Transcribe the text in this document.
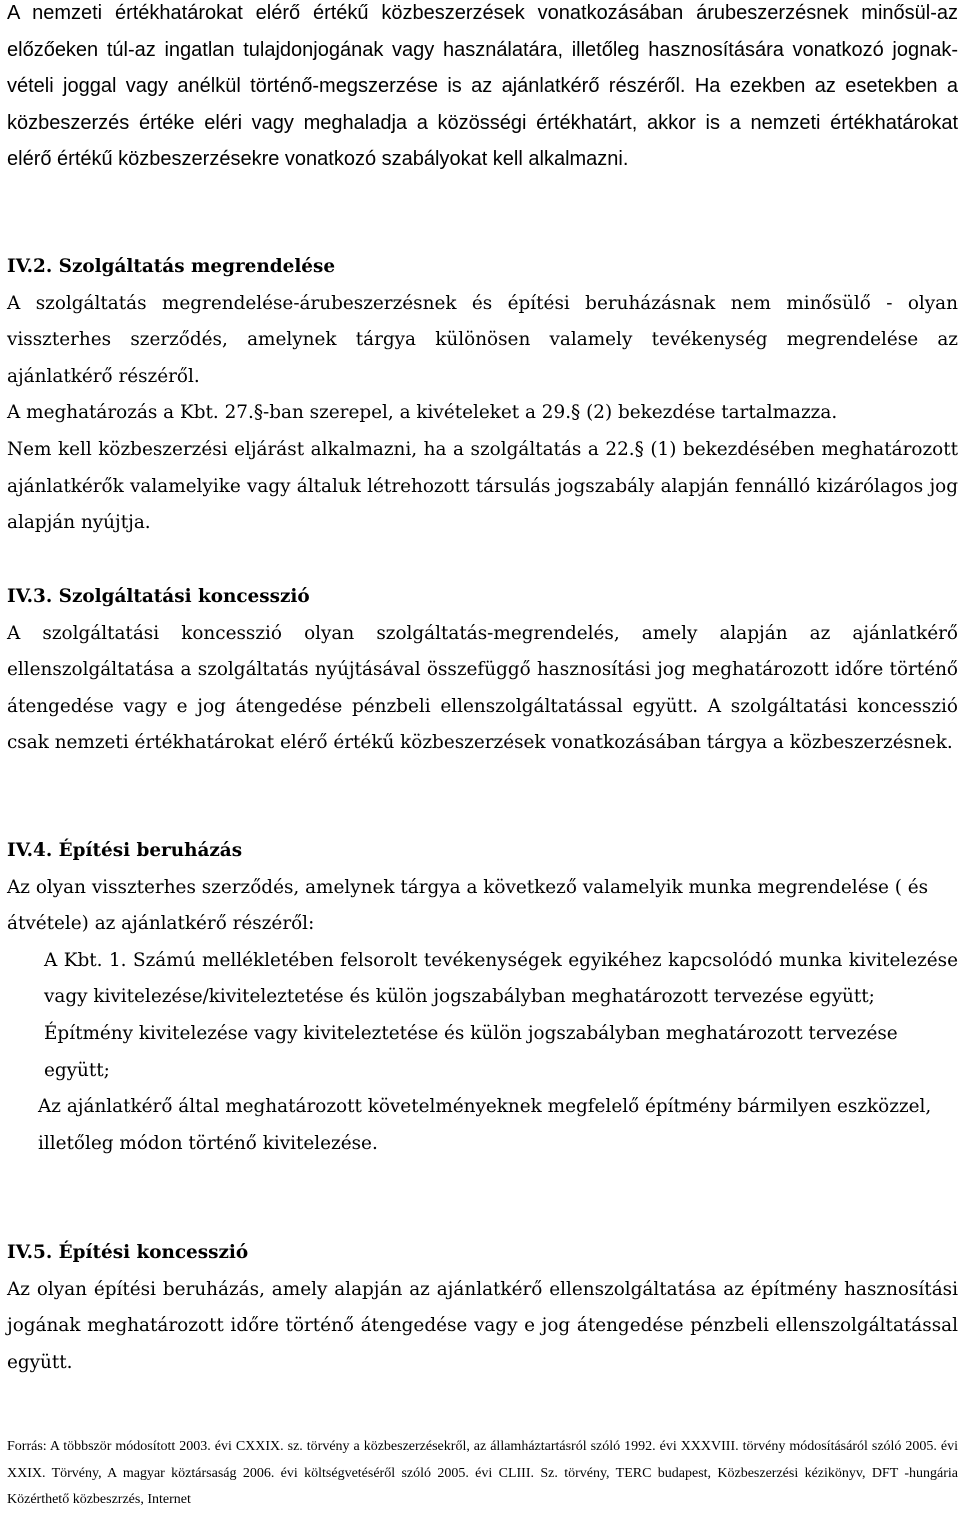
A nemzeti értékhatárokat elérő értékű közbeszerzések vonatkozásában árubeszerzésnek minősül-az előzőeken túl-az ingatlan tulajdonjogának vagy használatára, illetőleg hasznosítására vonatkozó jognak-vételi joggal vagy anélkül történő-megszerzése is az ajánlatkérő részéről. Ha ezekben az esetekben a közbeszerzés értéke eléri vagy meghaladja a közösségi értékhatárt, akkor is a nemzeti értékhatárokat elérő értékű közbeszerzésekre vonatkozó szabályokat kell alkalmazni.

IV.2. Szolgáltatás megrendelése

A szolgáltatás megrendelése-árubeszerzésnek és építési beruházásnak nem minősülő - olyan visszterhes szerződés, amelynek tárgya különösen valamely tevékenység megrendelése az ajánlatkérő részéről.

A meghatározás a Kbt. 27.§-ban szerepel, a kivételeket a 29.§ (2) bekezdése tartalmazza.

Nem kell közbeszerzési eljárást alkalmazni, ha a szolgáltatás a 22.§ (1) bekezdésében meghatározott ajánlatkérők valamelyike vagy általuk létrehozott társulás jogszabály alapján fennálló kizárólagos jog alapján nyújtja.

IV.3. Szolgáltatási koncesszió

A szolgáltatási koncesszió olyan szolgáltatás-megrendelés, amely alapján az ajánlatkérő ellenszolgáltatása a szolgáltatás nyújtásával összefüggő hasznosítási jog meghatározott időre történő átengedése vagy e jog átengedése pénzbeli ellenszolgáltatással együtt. A szolgáltatási koncesszió csak nemzeti értékhatárokat elérő értékű közbeszerzések vonatkozásában tárgya a közbeszerzésnek.

IV.4. Építési beruházás

Az olyan visszterhes szerződés, amelynek tárgya a következő valamelyik munka megrendelése ( és átvétele) az ajánlatkérő részéről:

A Kbt. 1. Számú mellékletében felsorolt tevékenységek egyikéhez kapcsolódó munka kivitelezése vagy kivitelezése/kiviteleztetése és külön jogszabályban meghatározott tervezése együtt;

Építmény kivitelezése vagy kiviteleztetése és külön jogszabályban meghatározott tervezése együtt;

Az ajánlatkérő által meghatározott követelményeknek megfelelő építmény bármilyen eszközzel, illetőleg módon történő kivitelezése.

IV.5. Építési koncesszió

Az olyan építési beruházás, amely alapján az ajánlatkérő ellenszolgáltatása az építmény hasznosítási jogának meghatározott időre történő átengedése vagy e jog átengedése pénzbeli ellenszolgáltatással együtt.

Forrás: A többször módosított 2003. évi CXXIX. sz. törvény a közbeszerzésekről, az államháztartásról szóló 1992. évi XXXVIII. törvény módosításáról szóló 2005. évi XXIX. Törvény, A magyar köztársaság 2006. évi költségvetéséről szóló 2005. évi CLIII. Sz. törvény, TERC budapest, Közbeszerzési kézikönyv, DFT -hungária Közérthető közbeszrzés, Internet
